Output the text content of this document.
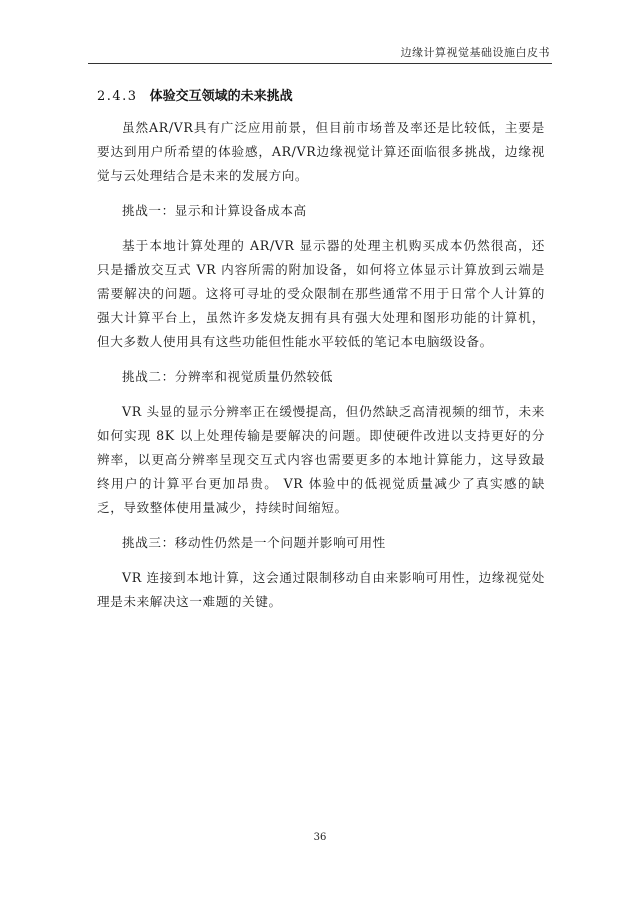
边缘计算视觉基础设施白皮书
2.4.3 体验交互领域的未来挑战

虽然AR/VR具有广泛应用前景，但目前市场普及率还是比较低，主要是要达到用户所希望的体验感，AR/VR边缘视觉计算还面临很多挑战，边缘视觉与云处理结合是未来的发展方向。

挑战一：显示和计算设备成本高

基于本地计算处理的 AR/VR 显示器的处理主机购买成本仍然很高，还只是播放交互式 VR 内容所需的附加设备，如何将立体显示计算放到云端是需要解决的问题。这将可寻址的受众限制在那些通常不用于日常个人计算的强大计算平台上，虽然许多发烧友拥有具有强大处理和图形功能的计算机，但大多数人使用具有这些功能但性能水平较低的笔记本电脑级设备。

挑战二：分辨率和视觉质量仍然较低

VR 头显的显示分辨率正在缓慢提高，但仍然缺乏高清视频的细节，未来如何实现 8K 以上处理传输是要解决的问题。即使硬件改进以支持更好的分辨率，以更高分辨率呈现交互式内容也需要更多的本地计算能力，这导致最终用户的计算平台更加昂贵。 VR 体验中的低视觉质量减少了真实感的缺乏，导致整体使用量减少，持续时间缩短。

挑战三：移动性仍然是一个问题并影响可用性

VR 连接到本地计算，这会通过限制移动自由来影响可用性，边缘视觉处理是未来解决这一难题的关键。

36
